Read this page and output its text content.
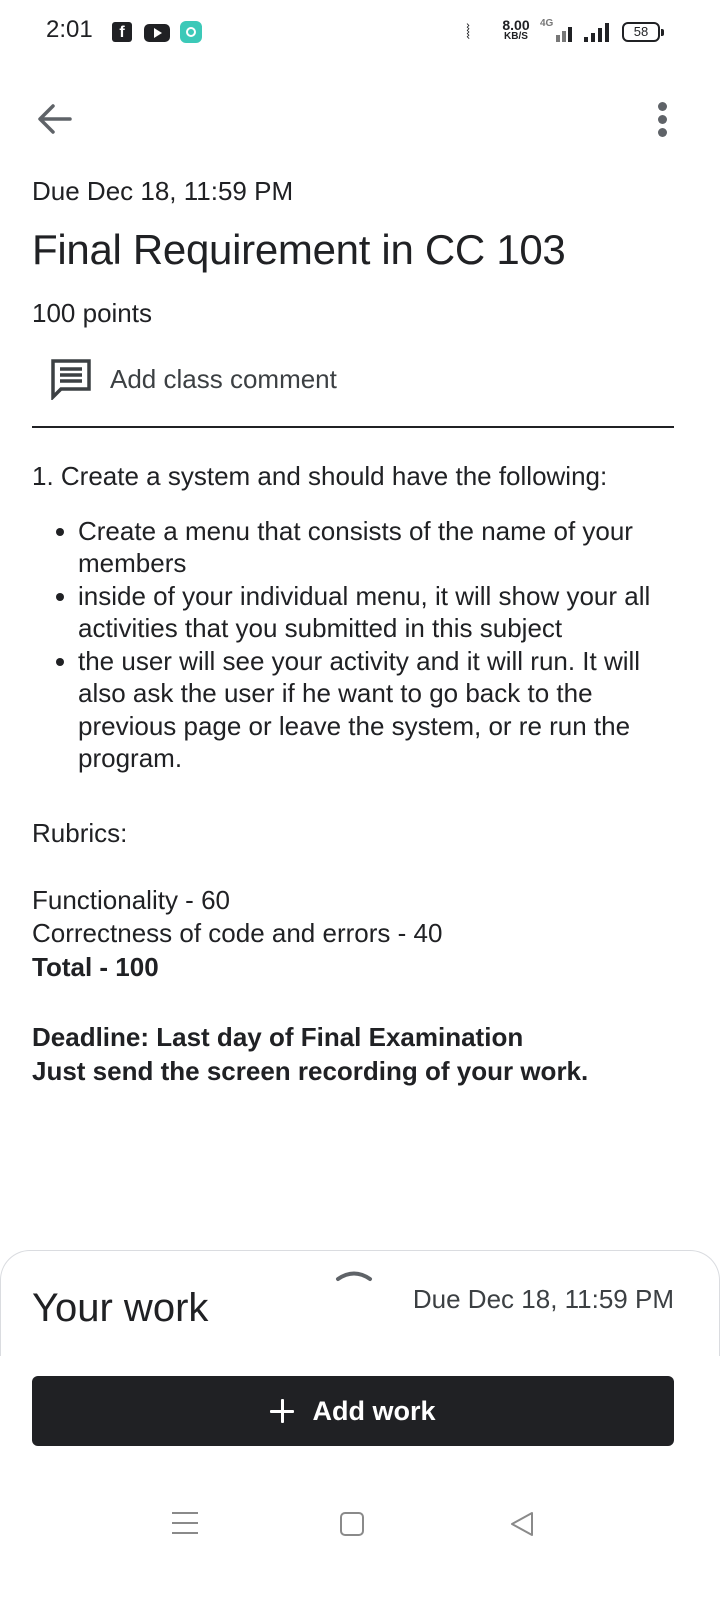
2:01	f	⦚	8.00
KB/S
4G
58
Due Dec 18, 11:59 PM
Final Requirement in CC 103
100 points
Add class comment
1. Create a system and should have the following:
Create a menu that consists of the name of your members
inside of your individual menu, it will show your all activities that you submitted in this subject
the user will see your activity and it will run. It will also ask the user if he want to go back to the previous page or leave the system, or re run the program.
Rubrics:
Functionality - 60
Correctness of code and errors - 40
Total - 100
Deadline: Last day of Final Examination
Just send the screen recording of your work.
Your work	Due Dec 18, 11:59 PM
Add work
